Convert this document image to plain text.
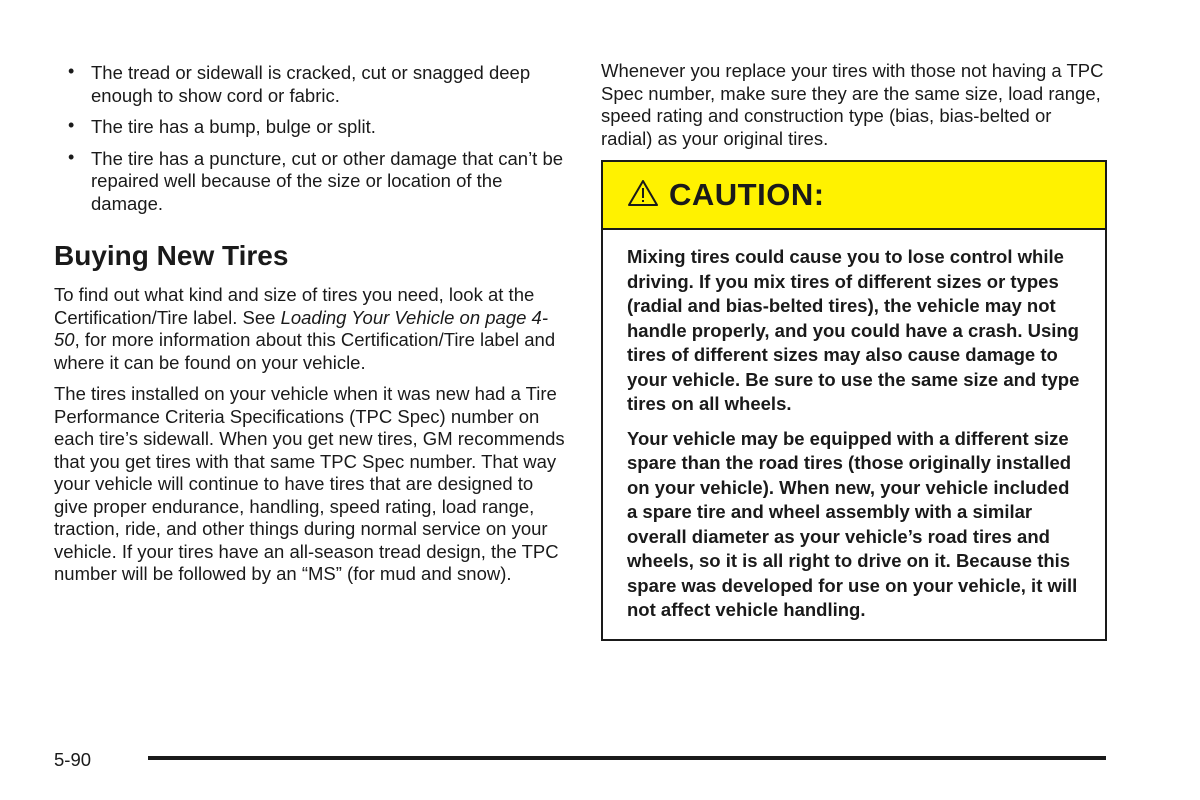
• The tread or sidewall is cracked, cut or snagged deep enough to show cord or fabric.
• The tire has a bump, bulge or split.
• The tire has a puncture, cut or other damage that can’t be repaired well because of the size or location of the damage.
Buying New Tires

To find out what kind and size of tires you need, look at the Certification/Tire label. See Loading Your Vehicle on page 4-50, for more information about this Certification/Tire label and where it can be found on your vehicle.

The tires installed on your vehicle when it was new had a Tire Performance Criteria Specifications (TPC Spec) number on each tire’s sidewall. When you get new tires, GM recommends that you get tires with that same TPC Spec number. That way your vehicle will continue to have tires that are designed to give proper endurance, handling, speed rating, load range, traction, ride, and other things during normal service on your vehicle. If your tires have an all-season tread design, the TPC number will be followed by an “MS” (for mud and snow).

Whenever you replace your tires with those not having a TPC Spec number, make sure they are the same size, load range, speed rating and construction type (bias, bias-belted or radial) as your original tires.

CAUTION:

Mixing tires could cause you to lose control while driving. If you mix tires of different sizes or types (radial and bias-belted tires), the vehicle may not handle properly, and you could have a crash. Using tires of different sizes may also cause damage to your vehicle. Be sure to use the same size and type tires on all wheels.

Your vehicle may be equipped with a different size spare than the road tires (those originally installed on your vehicle). When new, your vehicle included a spare tire and wheel assembly with a similar overall diameter as your vehicle’s road tires and wheels, so it is all right to drive on it. Because this spare was developed for use on your vehicle, it will not affect vehicle handling.

5-90
